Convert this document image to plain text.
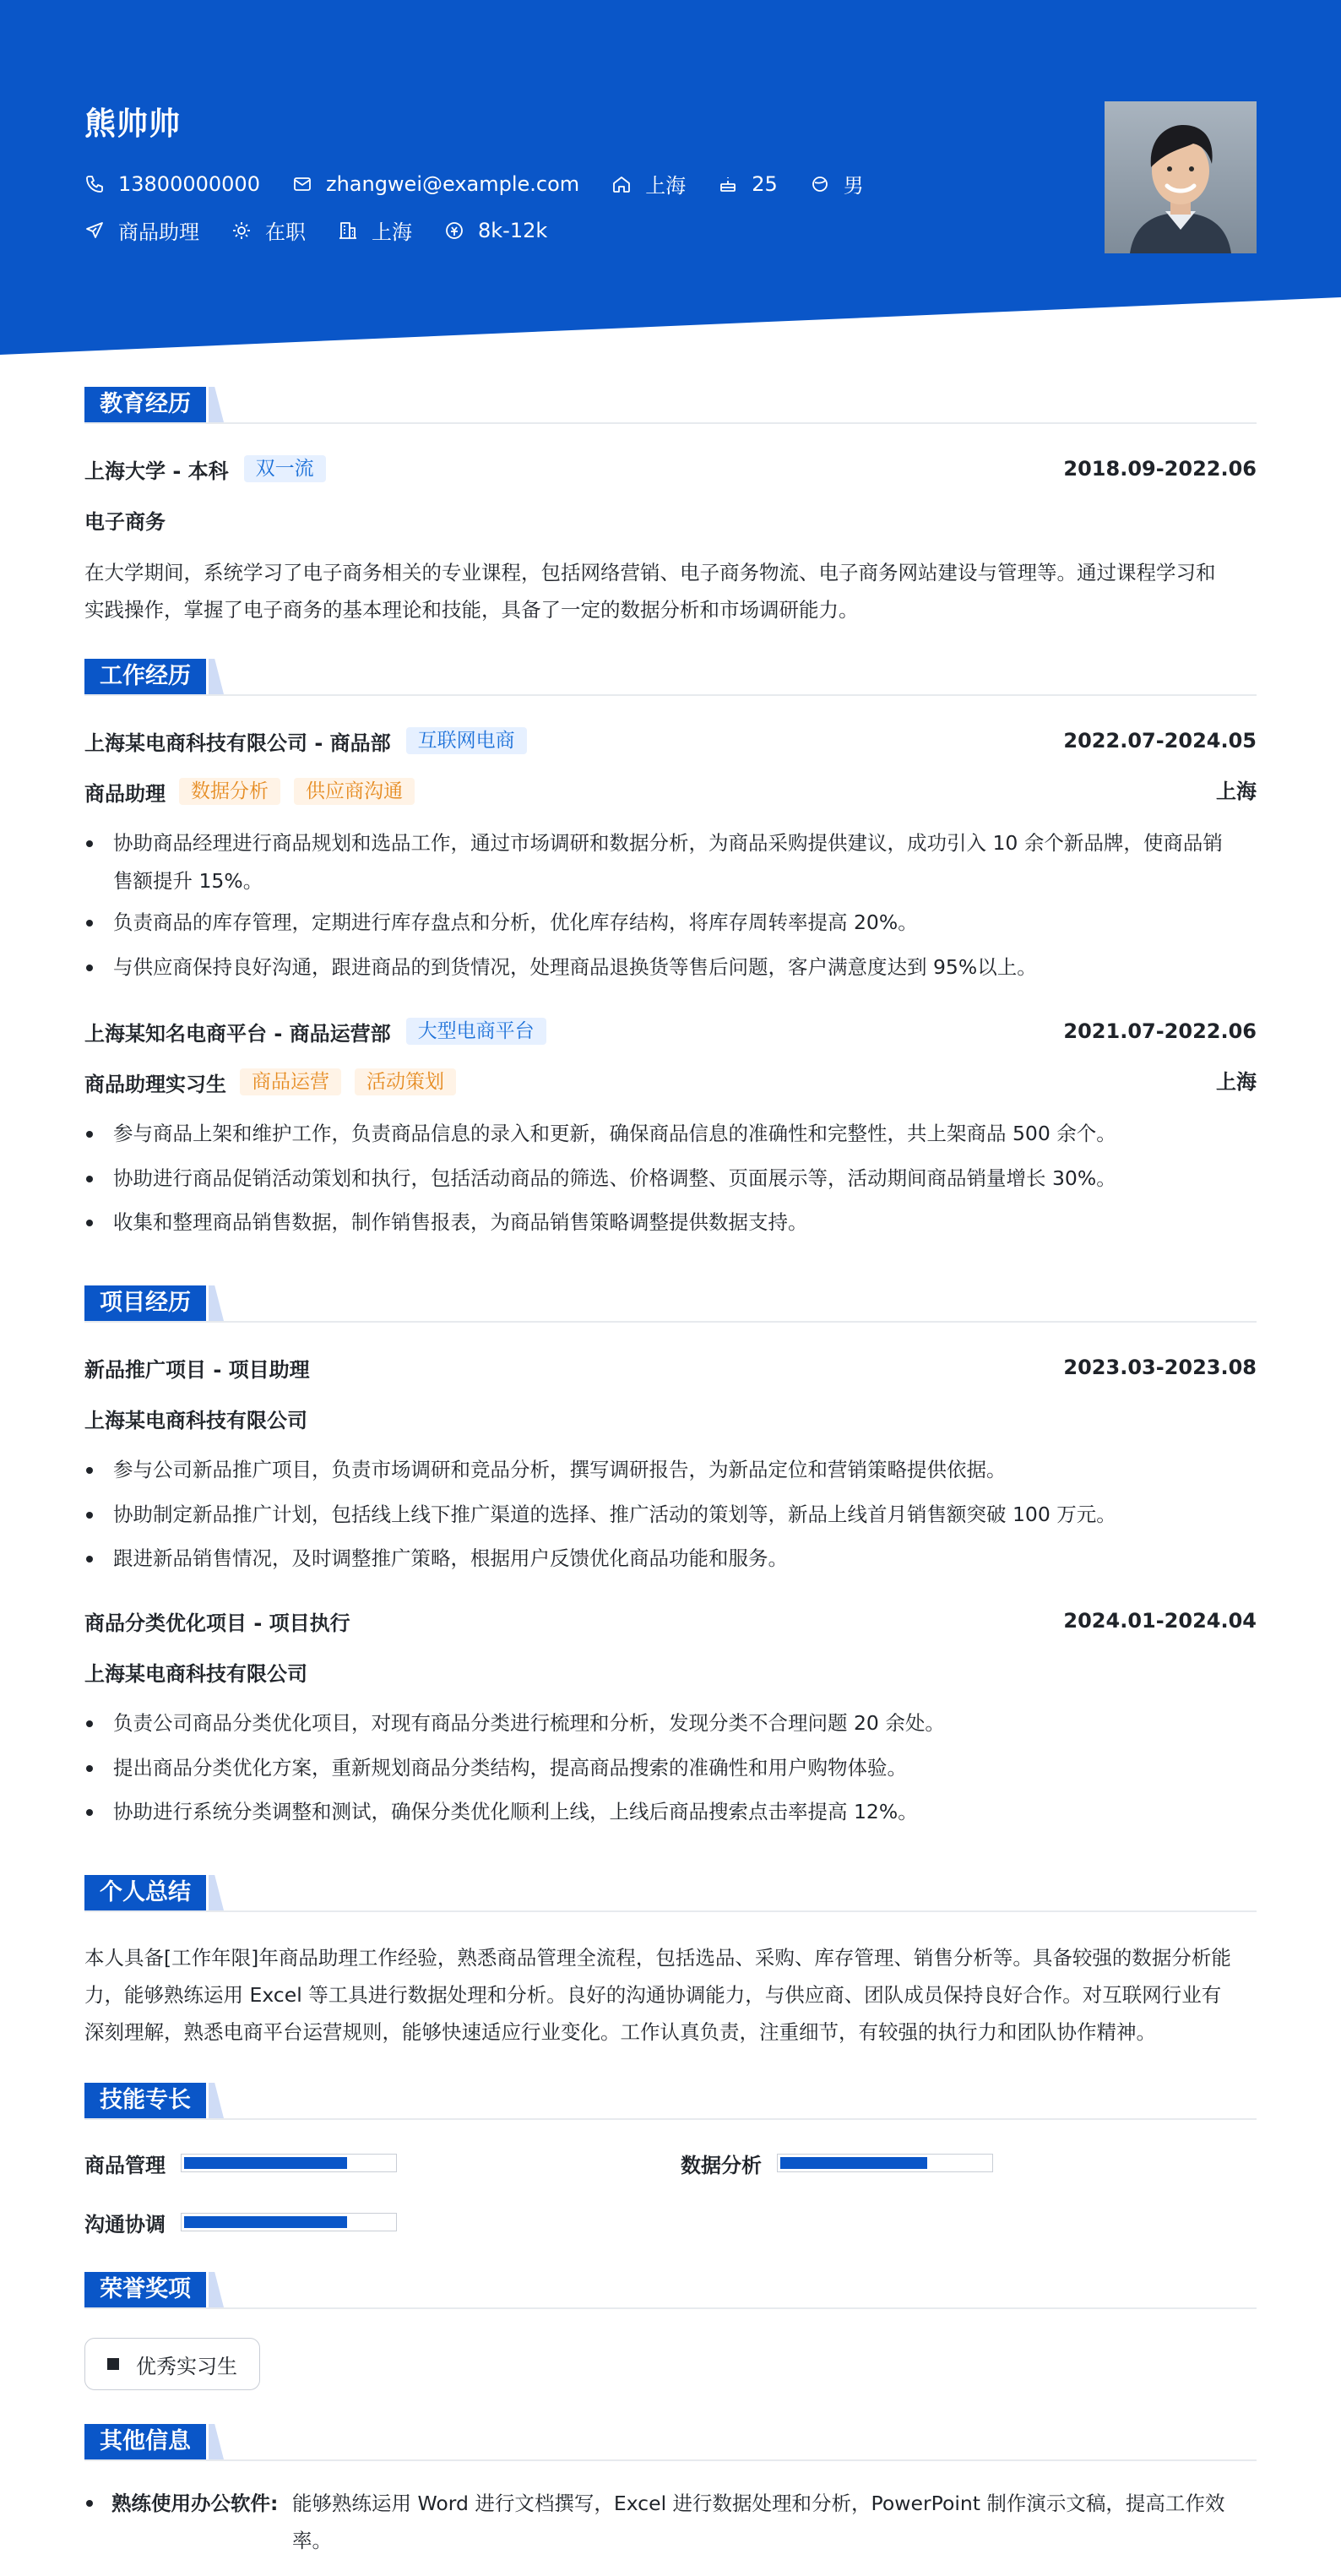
熊帅帅
13800000000	zhangwei@example.com	上海	25	男
商品助理	在职	上海	8k-12k
教育经历
上海大学 - 本科	双一流	2018.09-2022.06
电子商务
在大学期间，系统学习了电子商务相关的专业课程，包括网络营销、电子商务物流、电子商务网站建设与管理等。通过课程学习和
实践操作，掌握了电子商务的基本理论和技能，具备了一定的数据分析和市场调研能力。
工作经历
上海某电商科技有限公司 - 商品部	互联网电商	2022.07-2024.05
商品助理	数据分析	供应商沟通	上海
协助商品经理进行商品规划和选品工作，通过市场调研和数据分析，为商品采购提供建议，成功引入 10 余个新品牌，使商品销
售额提升 15%。
负责商品的库存管理，定期进行库存盘点和分析，优化库存结构，将库存周转率提高 20%。
与供应商保持良好沟通，跟进商品的到货情况，处理商品退换货等售后问题，客户满意度达到 95%以上。
上海某知名电商平台 - 商品运营部	大型电商平台	2021.07-2022.06
商品助理实习生	商品运营	活动策划	上海
参与商品上架和维护工作，负责商品信息的录入和更新，确保商品信息的准确性和完整性，共上架商品 500 余个。
协助进行商品促销活动策划和执行，包括活动商品的筛选、价格调整、页面展示等，活动期间商品销量增长 30%。
收集和整理商品销售数据，制作销售报表，为商品销售策略调整提供数据支持。
项目经历
新品推广项目 - 项目助理	2023.03-2023.08
上海某电商科技有限公司
参与公司新品推广项目，负责市场调研和竞品分析，撰写调研报告，为新品定位和营销策略提供依据。
协助制定新品推广计划，包括线上线下推广渠道的选择、推广活动的策划等，新品上线首月销售额突破 100 万元。
跟进新品销售情况，及时调整推广策略，根据用户反馈优化商品功能和服务。
商品分类优化项目 - 项目执行	2024.01-2024.04
上海某电商科技有限公司
负责公司商品分类优化项目，对现有商品分类进行梳理和分析，发现分类不合理问题 20 余处。
提出商品分类优化方案，重新规划商品分类结构，提高商品搜索的准确性和用户购物体验。
协助进行系统分类调整和测试，确保分类优化顺利上线，上线后商品搜索点击率提高 12%。
个人总结
本人具备[工作年限]年商品助理工作经验，熟悉商品管理全流程，包括选品、采购、库存管理、销售分析等。具备较强的数据分析能
力，能够熟练运用 Excel 等工具进行数据处理和分析。良好的沟通协调能力，与供应商、团队成员保持良好合作。对互联网行业有
深刻理解，熟悉电商平台运营规则，能够快速适应行业变化。工作认真负责，注重细节，有较强的执行力和团队协作精神。
技能专长
商品管理	数据分析
沟通协调
荣誉奖项
优秀实习生
其他信息
熟练使用办公软件: 能够熟练运用 Word 进行文档撰写，Excel 进行数据处理和分析，PowerPoint 制作演示文稿，提高工作效
率。
